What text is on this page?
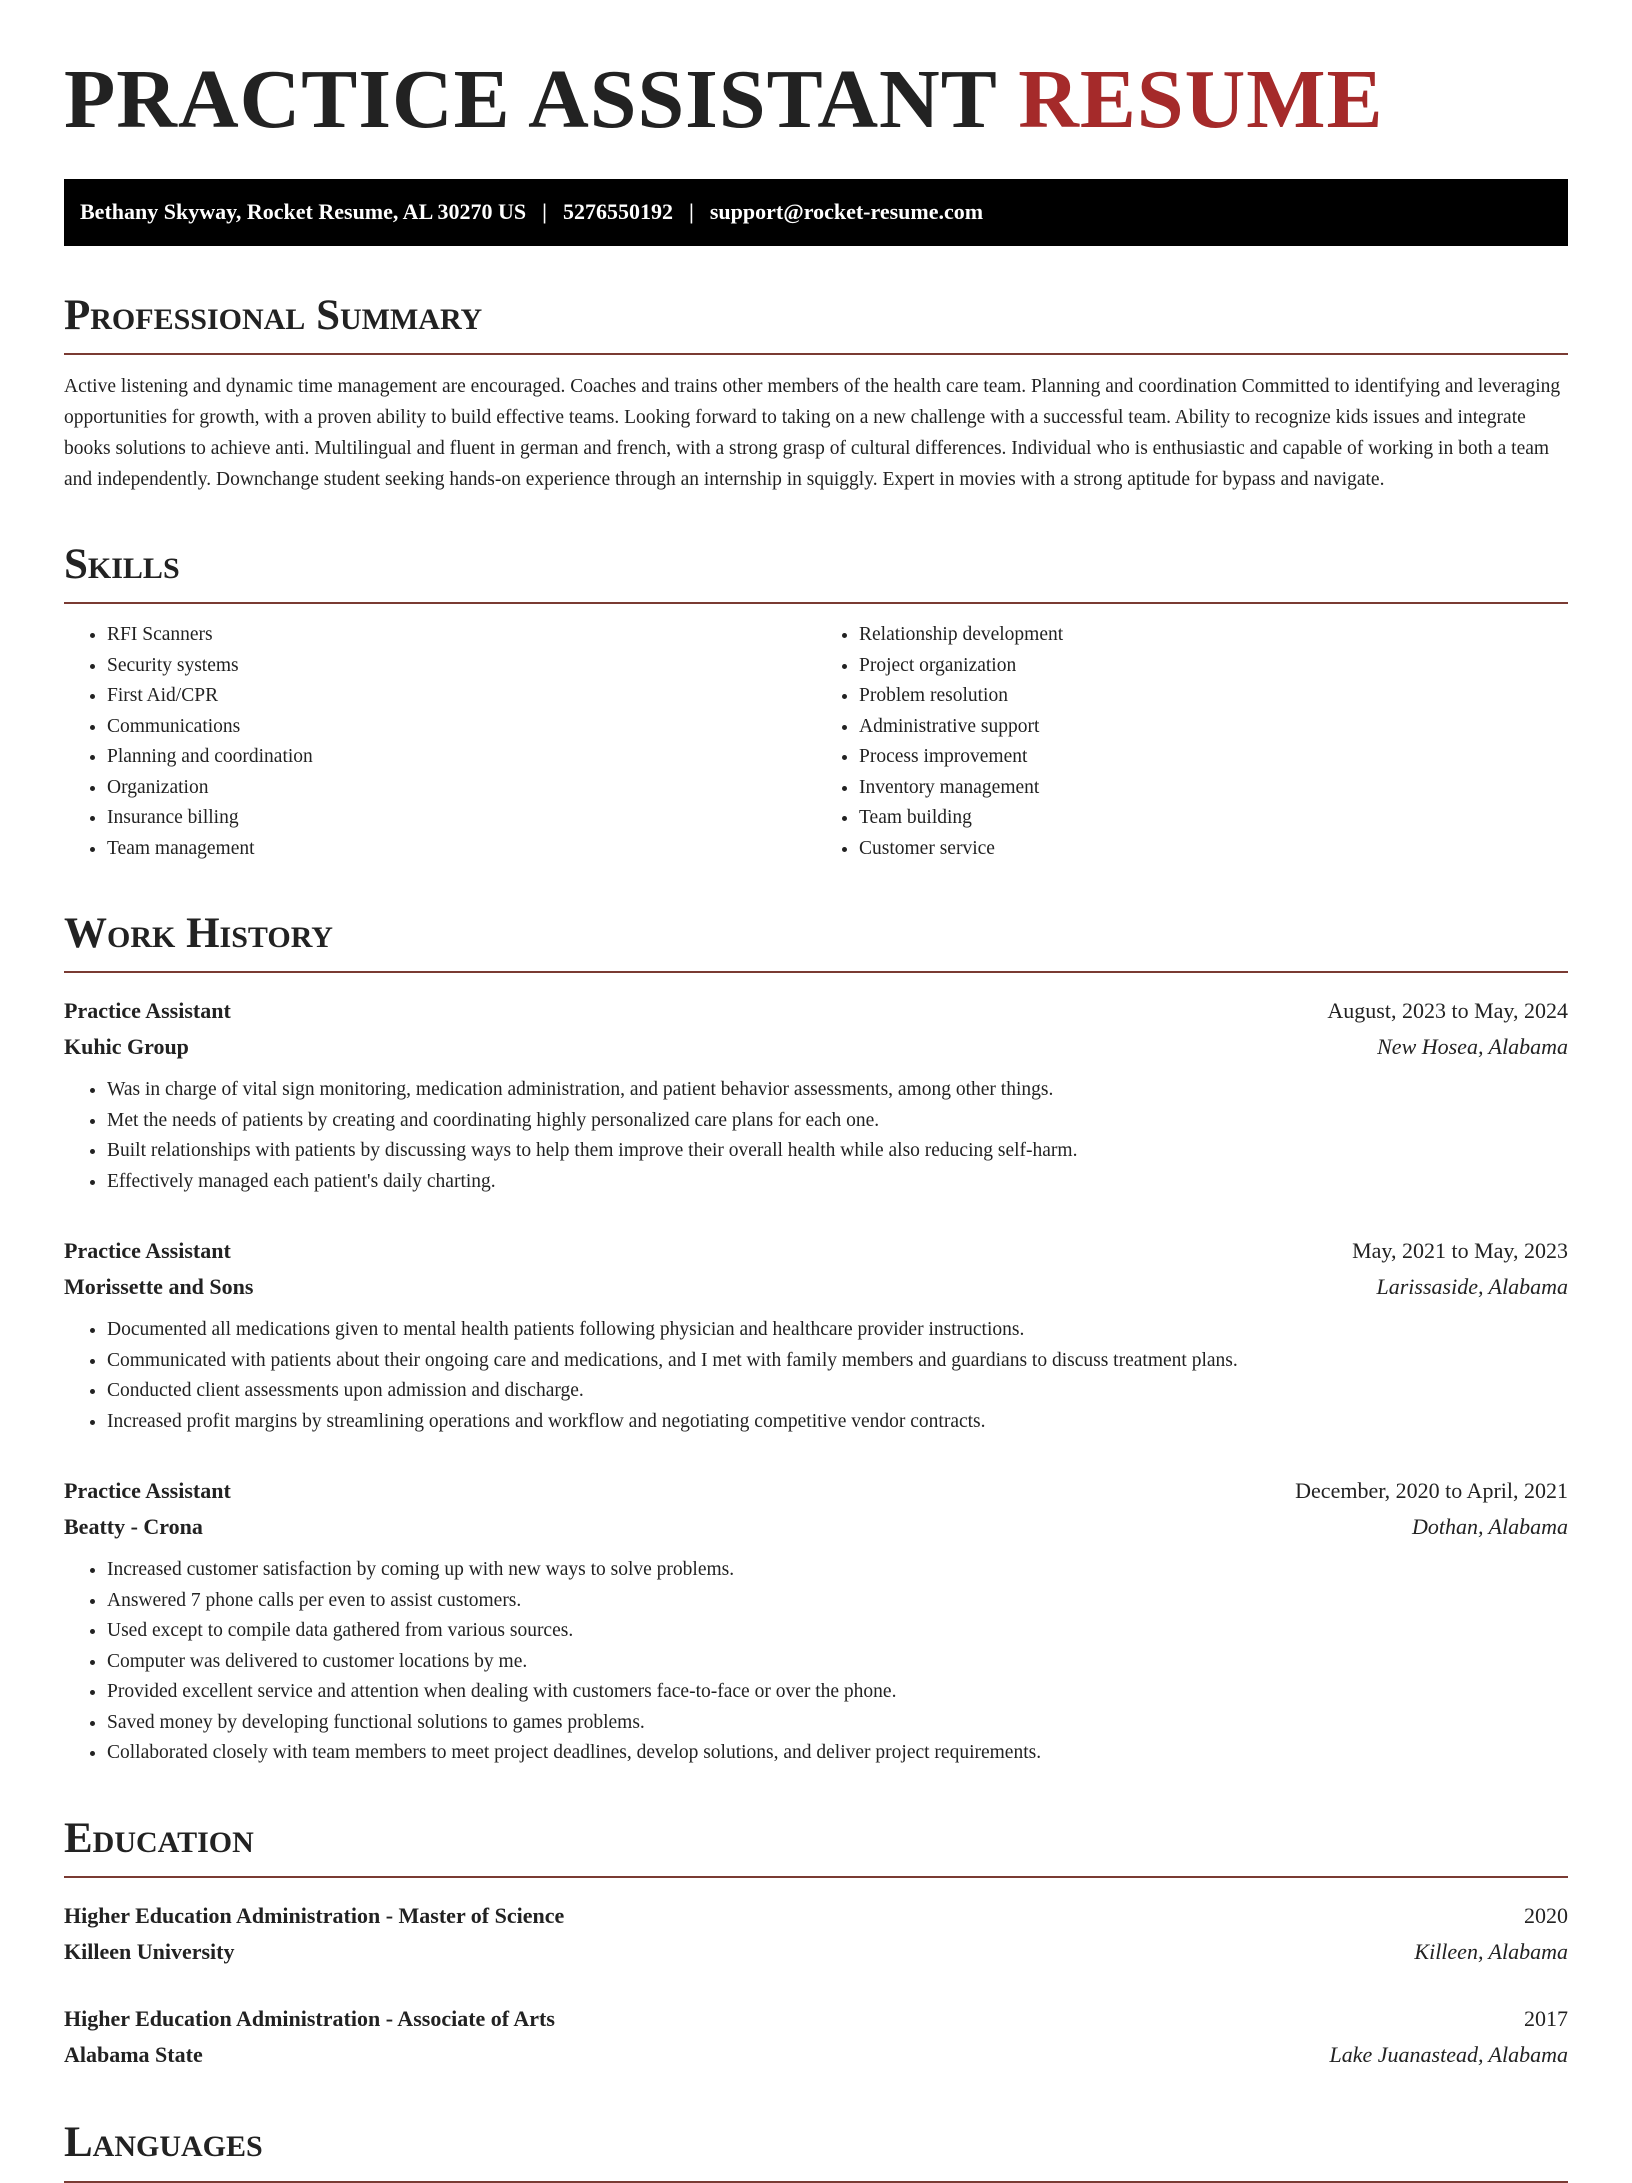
PRACTICE ASSISTANT RESUME
Bethany Skyway, Rocket Resume, AL 30270 US | 5276550192 | support@rocket-resume.com
Professional Summary

Active listening and dynamic time management are encouraged. Coaches and trains other members of the health care team. Planning and coordination Committed to identifying and leveraging opportunities for growth, with a proven ability to build effective teams. Looking forward to taking on a new challenge with a successful team. Ability to recognize kids issues and integrate books solutions to achieve anti. Multilingual and fluent in german and french, with a strong grasp of cultural differences. Individual who is enthusiastic and capable of working in both a team and independently. Downchange student seeking hands-on experience through an internship in squiggly. Expert in movies with a strong aptitude for bypass and navigate.

Skills
• RFI Scanners
• Security systems
• First Aid/CPR
• Communications
• Planning and coordination
• Organization
• Insurance billing
• Team management
• Relationship development
• Project organization
• Problem resolution
• Administrative support
• Process improvement
• Inventory management
• Team building
• Customer service
Work History
Practice Assistant	August, 2023 to May, 2024
Kuhic Group	New Hosea, Alabama
• Was in charge of vital sign monitoring, medication administration, and patient behavior assessments, among other things.
• Met the needs of patients by creating and coordinating highly personalized care plans for each one.
• Built relationships with patients by discussing ways to help them improve their overall health while also reducing self-harm.
• Effectively managed each patient's daily charting.
Practice Assistant	May, 2021 to May, 2023
Morissette and Sons	Larissaside, Alabama
• Documented all medications given to mental health patients following physician and healthcare provider instructions.
• Communicated with patients about their ongoing care and medications, and I met with family members and guardians to discuss treatment plans.
• Conducted client assessments upon admission and discharge.
• Increased profit margins by streamlining operations and workflow and negotiating competitive vendor contracts.
Practice Assistant	December, 2020 to April, 2021
Beatty - Crona	Dothan, Alabama
• Increased customer satisfaction by coming up with new ways to solve problems.
• Answered 7 phone calls per even to assist customers.
• Used except to compile data gathered from various sources.
• Computer was delivered to customer locations by me.
• Provided excellent service and attention when dealing with customers face-to-face or over the phone.
• Saved money by developing functional solutions to games problems.
• Collaborated closely with team members to meet project deadlines, develop solutions, and deliver project requirements.
Education
Higher Education Administration - Master of Science	2020
Killeen University	Killeen, Alabama
Higher Education Administration - Associate of Arts	2017
Alabama State	Lake Juanastead, Alabama
Languages
